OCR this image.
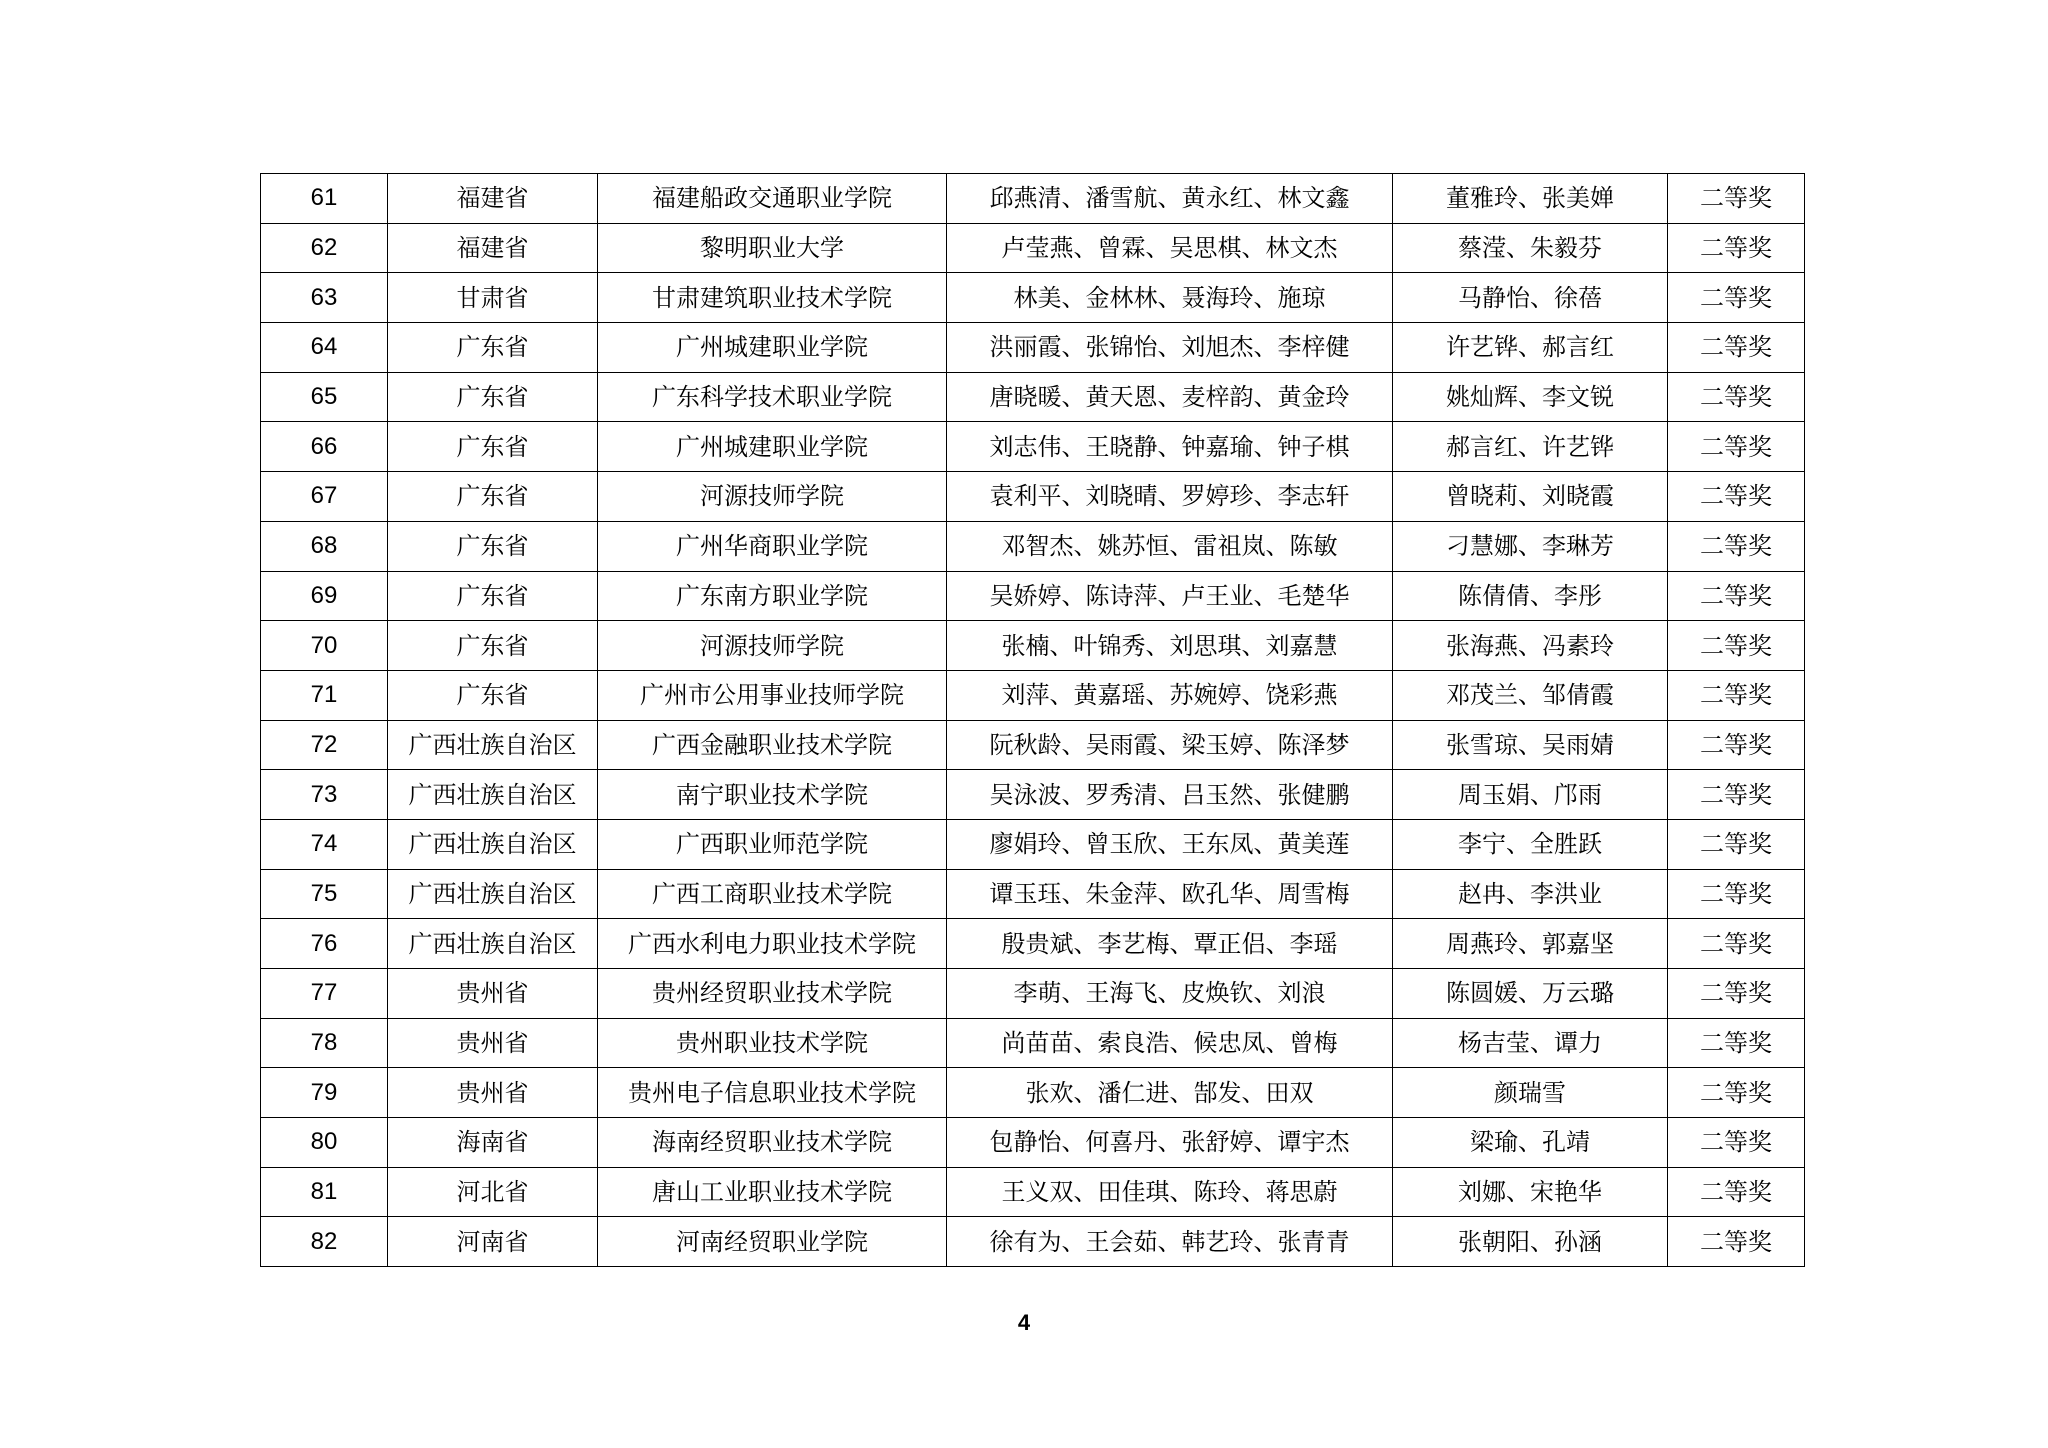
61	福建省	福建船政交通职业学院	邱燕清、潘雪航、黄永红、林文鑫	董雅玲、张美婵	二等奖
62	福建省	黎明职业大学	卢莹燕、曾霖、吴思棋、林文杰	蔡滢、朱毅芬	二等奖
63	甘肃省	甘肃建筑职业技术学院	林美、金林林、聂海玲、施琼	马静怡、徐蓓	二等奖
64	广东省	广州城建职业学院	洪丽霞、张锦怡、刘旭杰、李梓健	许艺铧、郝言红	二等奖
65	广东省	广东科学技术职业学院	唐晓暖、黄天恩、麦梓韵、黄金玲	姚灿辉、李文锐	二等奖
66	广东省	广州城建职业学院	刘志伟、王晓静、钟嘉瑜、钟子棋	郝言红、许艺铧	二等奖
67	广东省	河源技师学院	袁利平、刘晓晴、罗婷珍、李志轩	曾晓莉、刘晓霞	二等奖
68	广东省	广州华商职业学院	邓智杰、姚苏恒、雷祖岚、陈敏	刁慧娜、李琳芳	二等奖
69	广东省	广东南方职业学院	吴娇婷、陈诗萍、卢王业、毛楚华	陈倩倩、李彤	二等奖
70	广东省	河源技师学院	张楠、叶锦秀、刘思琪、刘嘉慧	张海燕、冯素玲	二等奖
71	广东省	广州市公用事业技师学院	刘萍、黄嘉瑶、苏婉婷、饶彩燕	邓茂兰、邹倩霞	二等奖
72	广西壮族自治区	广西金融职业技术学院	阮秋龄、吴雨霞、梁玉婷、陈泽梦	张雪琼、吴雨婧	二等奖
73	广西壮族自治区	南宁职业技术学院	吴泳波、罗秀清、吕玉然、张健鹏	周玉娟、邝雨	二等奖
74	广西壮族自治区	广西职业师范学院	廖娟玲、曾玉欣、王东凤、黄美莲	李宁、全胜跃	二等奖
75	广西壮族自治区	广西工商职业技术学院	谭玉珏、朱金萍、欧孔华、周雪梅	赵冉、李洪业	二等奖
76	广西壮族自治区	广西水利电力职业技术学院	殷贵斌、李艺梅、覃正侣、李瑶	周燕玲、郭嘉坚	二等奖
77	贵州省	贵州经贸职业技术学院	李萌、王海飞、皮焕钦、刘浪	陈圆媛、万云璐	二等奖
78	贵州省	贵州职业技术学院	尚苗苗、索良浩、候忠凤、曾梅	杨吉莹、谭力	二等奖
79	贵州省	贵州电子信息职业技术学院	张欢、潘仁进、郜发、田双	颜瑞雪	二等奖
80	海南省	海南经贸职业技术学院	包静怡、何喜丹、张舒婷、谭宇杰	梁瑜、孔靖	二等奖
81	河北省	唐山工业职业技术学院	王义双、田佳琪、陈玲、蒋思蔚	刘娜、宋艳华	二等奖
82	河南省	河南经贸职业学院	徐有为、王会茹、韩艺玲、张青青	张朝阳、孙涵	二等奖
4
